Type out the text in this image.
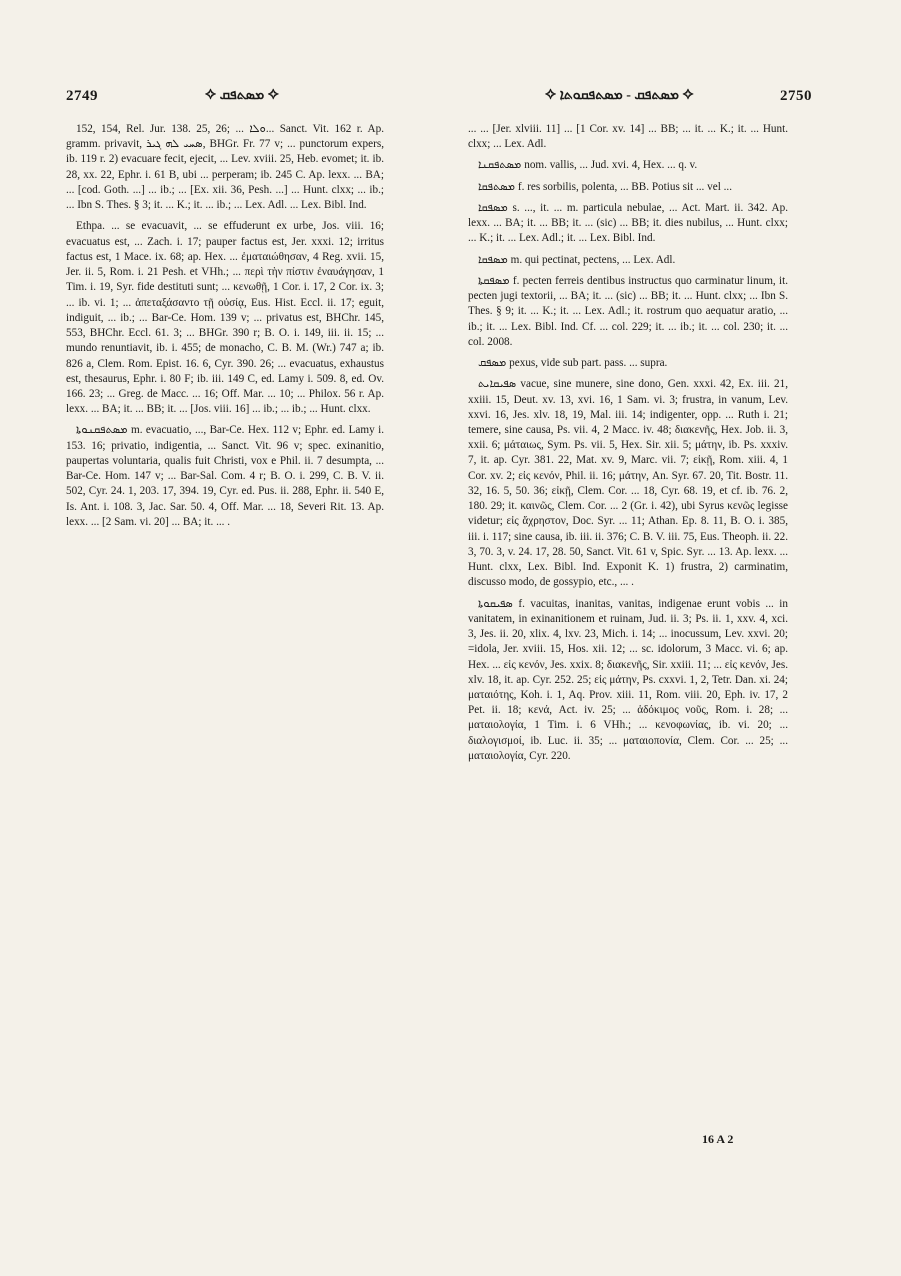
2749	✧ ܡܣܬܦܩ ✧	✧ ܡܣܬܦܩ - ܡܣܬܦܩܘܬܐ ✧	2750

152, 154, Rel. Jur. 138. 25, 26; ... ܘܠܐ... Sanct. Vit. 162 r. Ap. gramm. privavit, ܣܚܝ ܠܗ ܓܝܪ, BHGr. Fr. 77 v; ... punctorum expers, ib. 119 r. 2) evacuare fecit, ejecit, ... Lev. xviii. 25, Heb. evomet; it. ib. 28, xx. 22, Ephr. i. 61 B, ubi ... perperam; ib. 245 C. Ap. lexx. ... BA; ... [cod. Goth. ...] ... ib.; ... [Ex. xii. 36, Pesh. ...] ... Hunt. clxx; ... ib.; ... Ibn S. Thes. § 3; it. ... K.; it. ... ib.; ... Lex. Adl. ... Lex. Bibl. Ind.

Ethpa. ... se evacuavit, ... se effuderunt ex urbe, Jos. viii. 16; evacuatus est, ... Zach. i. 17; pauper factus est, Jer. xxxi. 12; irritus factus est, 1 Mace. ix. 68; ap. Hex. ... ἐματαιώθησαν, 4 Reg. xvii. 15, Jer. ii. 5, Rom. i. 21 Pesh. et VHh.; ... περὶ τὴν πίστιν ἐναυάγησαν, 1 Tim. i. 19, Syr. fide destituti sunt; ... κενωθῇ, 1 Cor. i. 17, 2 Cor. ix. 3; ... ib. vi. 1; ... ἀπεταξάσαντο τῇ οὐσίᾳ, Eus. Hist. Eccl. ii. 17; eguit, indiguit, ... ib.; ... Bar-Ce. Hom. 139 v; ... privatus est, BHChr. 145, 553, BHChr. Eccl. 61. 3; ... BHGr. 390 r; B. O. i. 149, iii. ii. 15; ... mundo renuntiavit, ib. i. 455; de monacho, C. B. M. (Wr.) 747 a; ib. 826 a, Clem. Rom. Epist. 16. 6, Cyr. 390. 26; ... evacuatus, exhaustus est, thesaurus, Ephr. i. 80 F; ib. iii. 149 C, ed. Lamy i. 509. 8, ed. Ov. 166. 23; ... Greg. de Macc. ... 16; Off. Mar. ... 10; ... Philox. 56 r. Ap. lexx. ... BA; it. ... BB; it. ... [Jos. viii. 16] ... ib.; ... ib.; ... Hunt. clxx.

ܡܣܬܦܩܢܘܬܐ m. evacuatio, ..., Bar-Ce. Hex. 112 v; Ephr. ed. Lamy i. 153. 16; privatio, indigentia, ... Sanct. Vit. 96 v; spec. exinanitio, paupertas voluntaria, qualis fuit Christi, vox e Phil. ii. 7 desumpta, ... Bar-Ce. Hom. 147 v; ... Bar-Sal. Com. 4 r; B. O. i. 299, C. B. V. ii. 502, Cyr. 24. 1, 203. 17, 394. 19, Cyr. ed. Pus. ii. 288, Ephr. ii. 540 E, Is. Ant. i. 108. 3, Jac. Sar. 50. 4, Off. Mar. ... 18, Severi Rit. 13. Ap. lexx. ... [2 Sam. vi. 20] ... BA; it. ... .

... ... [Jer. xlviii. 11] ... [1 Cor. xv. 14] ... BB; ... it. ... K.; it. ... Hunt. clxx; ... Lex. Adl.

ܡܣܬܦܩܢܐ nom. vallis, ... Jud. xvi. 4, Hex. ... q. v.

ܡܣܬܦܩܐ f. res sorbilis, polenta, ... BB. Potius sit ... vel ...

ܡܣܦܩܐ s. ..., it. ... m. particula nebulae, ... Act. Mart. ii. 342. Ap. lexx. ... BA; it. ... BB; it. ... (sic) ... BB; it. dies nubilus, ... Hunt. clxx; ... K.; it. ... Lex. Adl.; it. ... Lex. Bibl. Ind.

ܡܣܦܩܐ m. qui pectinat, pectens, ... Lex. Adl.

ܡܣܦܩܬܐ f. pecten ferreis dentibus instructus quo carminatur linum, it. pecten jugi textorii, ... BA; it. ... (sic) ... BB; it. ... Hunt. clxx; ... Ibn S. Thes. § 9; it. ... K.; it. ... Lex. Adl.; it. rostrum quo aequatur aratio, ... ib.; it. ... Lex. Bibl. Ind. Cf. ... col. 229; it. ... ib.; it. ... col. 230; it. ... col. 2008.

ܡܣܦܩ pexus, vide sub part. pass. ... supra.

ܣܦܝܩܐܝܬ vacue, sine munere, sine dono, Gen. xxxi. 42, Ex. iii. 21, xxiii. 15, Deut. xv. 13, xvi. 16, 1 Sam. vi. 3; frustra, in vanum, Lev. xxvi. 16, Jes. xlv. 18, 19, Mal. iii. 14; indigenter, opp. ... Ruth i. 21; temere, sine causa, Ps. vii. 4, 2 Macc. iv. 48; διακενῆς, Hex. Job. ii. 3, xxii. 6; μάταιως, Sym. Ps. vii. 5, Hex. Sir. xii. 5; μάτην, ib. Ps. xxxiv. 7, it. ap. Cyr. 381. 22, Mat. xv. 9, Marc. vii. 7; εἰκῇ, Rom. xiii. 4, 1 Cor. xv. 2; εἰς κενόν, Phil. ii. 16; μάτην, An. Syr. 67. 20, Tit. Bostr. 11. 32, 16. 5, 50. 36; εἰκῇ, Clem. Cor. ... 18, Cyr. 68. 19, et cf. ib. 76. 2, 180. 29; it. καινῶς, Clem. Cor. ... 2 (Gr. i. 42), ubi Syrus κενῶς legisse videtur; εἰς ἄχρηστον, Doc. Syr. ... 11; Athan. Ep. 8. 11, B. O. i. 385, iii. i. 117; sine causa, ib. iii. ii. 376; C. B. V. iii. 75, Eus. Theoph. ii. 22. 3, 70. 3, v. 24. 17, 28. 50, Sanct. Vit. 61 v, Spic. Syr. ... 13. Ap. lexx. ... Hunt. clxx, Lex. Bibl. Ind. Exponit K. 1) frustra, 2) carminatim, discusso modo, de gossypio, etc., ... .

ܣܦܝܩܘܬܐ f. vacuitas, inanitas, vanitas, indigenae erunt vobis ... in vanitatem, in exinanitionem et ruinam, Jud. ii. 3; Ps. ii. 1, xxv. 4, xci. 3, Jes. ii. 20, xlix. 4, lxv. 23, Mich. i. 14; ... inocussum, Lev. xxvi. 20; =idola, Jer. xviii. 15, Hos. xii. 12; ... sc. idolorum, 3 Macc. vi. 6; ap. Hex. ... εἰς κενόν, Jes. xxix. 8; διακενῆς, Sir. xxiii. 11; ... εἰς κενόν, Jes. xlv. 18, it. ap. Cyr. 252. 25; εἰς μάτην, Ps. cxxvi. 1, 2, Tetr. Dan. xi. 24; ματαιότης, Koh. i. 1, Aq. Prov. xiii. 11, Rom. viii. 20, Eph. iv. 17, 2 Pet. ii. 18; κενά, Act. iv. 25; ... ἀδόκιμος νοῦς, Rom. i. 28; ... ματαιολογία, 1 Tim. i. 6 VHh.; ... κενοφωνίας, ib. vi. 20; ... διαλογισμοί, ib. Luc. ii. 35; ... ματαιοπονία, Clem. Cor. ... 25; ... ματαιολογία, Cyr. 220.

16 A 2
